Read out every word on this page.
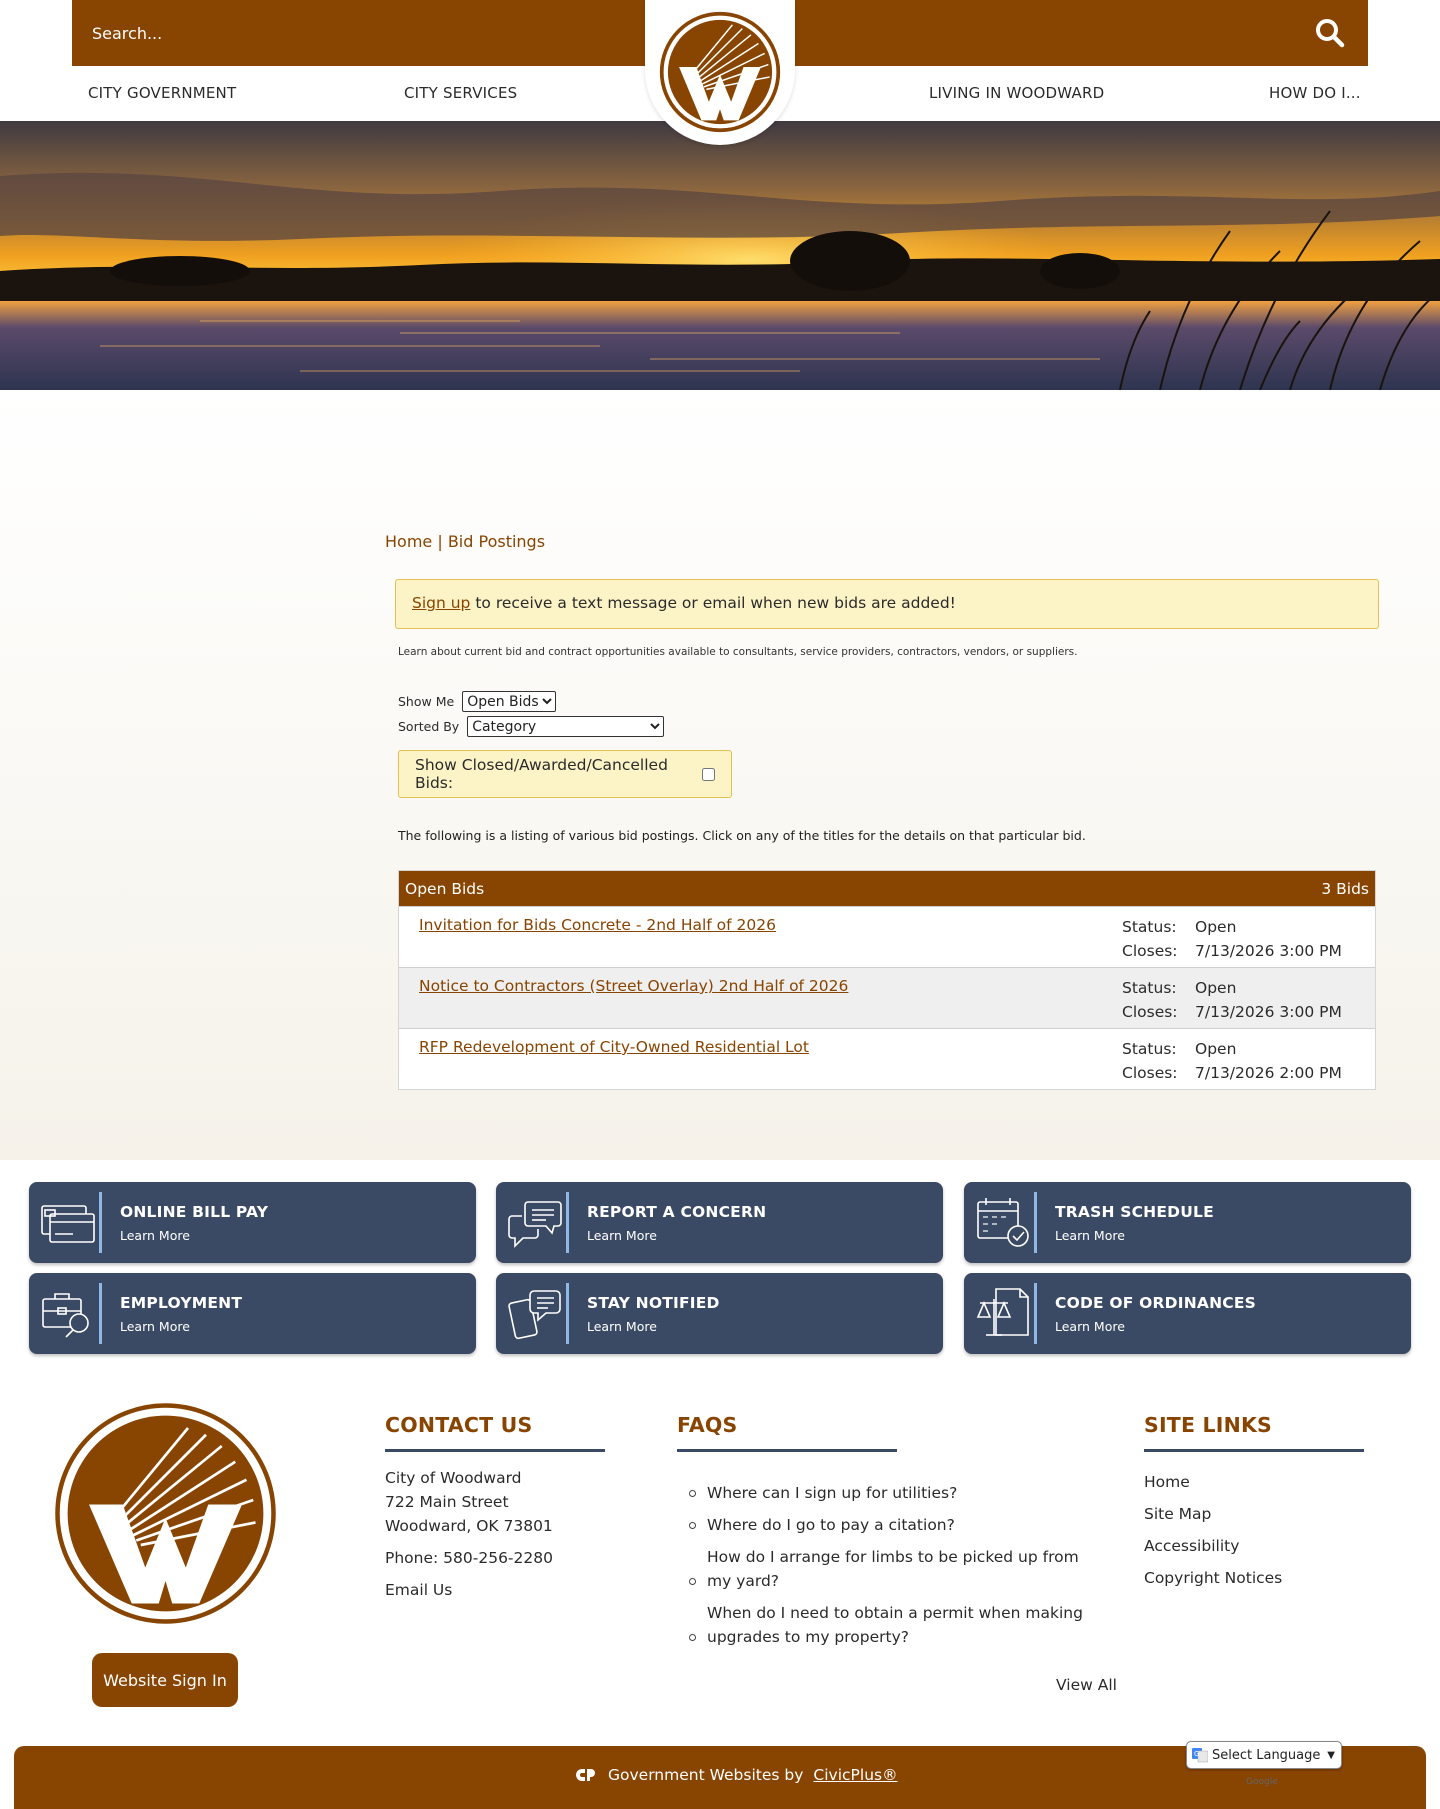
Search...
CITY GOVERNMENT	CITY SERVICES	LIVING IN WOODWARD	HOW DO I...
Home | Bid Postings
Sign up to receive a text message or email when new bids are added!
Learn about current bid and contract opportunities available to consultants, service providers, contractors, vendors, or suppliers.
Show Me
Open Bids
Sorted By
Category
Show Closed/Awarded/Cancelled Bids:
The following is a listing of various bid postings. Click on any of the titles for the details on that particular bid.
Open Bids	3 Bids
Invitation for Bids Concrete - 2nd Half of 2026	Status:	Open
Closes:	7/13/2026 3:00 PM
Notice to Contractors (Street Overlay) 2nd Half of 2026	Status:	Open
Closes:	7/13/2026 3:00 PM
RFP Redevelopment of City-Owned Residential Lot	Status:	Open
Closes:	7/13/2026 2:00 PM
ONLINE BILL PAY
Learn More
REPORT A CONCERN
Learn More
TRASH SCHEDULE
Learn More
EMPLOYMENT
Learn More
STAY NOTIFIED
Learn More
CODE OF ORDINANCES
Learn More
Website Sign In
CONTACT US
City of Woodward
722 Main Street
Woodward, OK 73801
Phone: 580-256-2280
Email Us
FAQS
Where can I sign up for utilities?
Where do I go to pay a citation?
How do I arrange for limbs to be picked up from my yard?
When do I need to obtain a permit when making upgrades to my property?
View All
SITE LINKS
Home
Site Map
Accessibility
Copyright Notices
Government Websites by CivicPlus®
G Select Language ▼
Google
